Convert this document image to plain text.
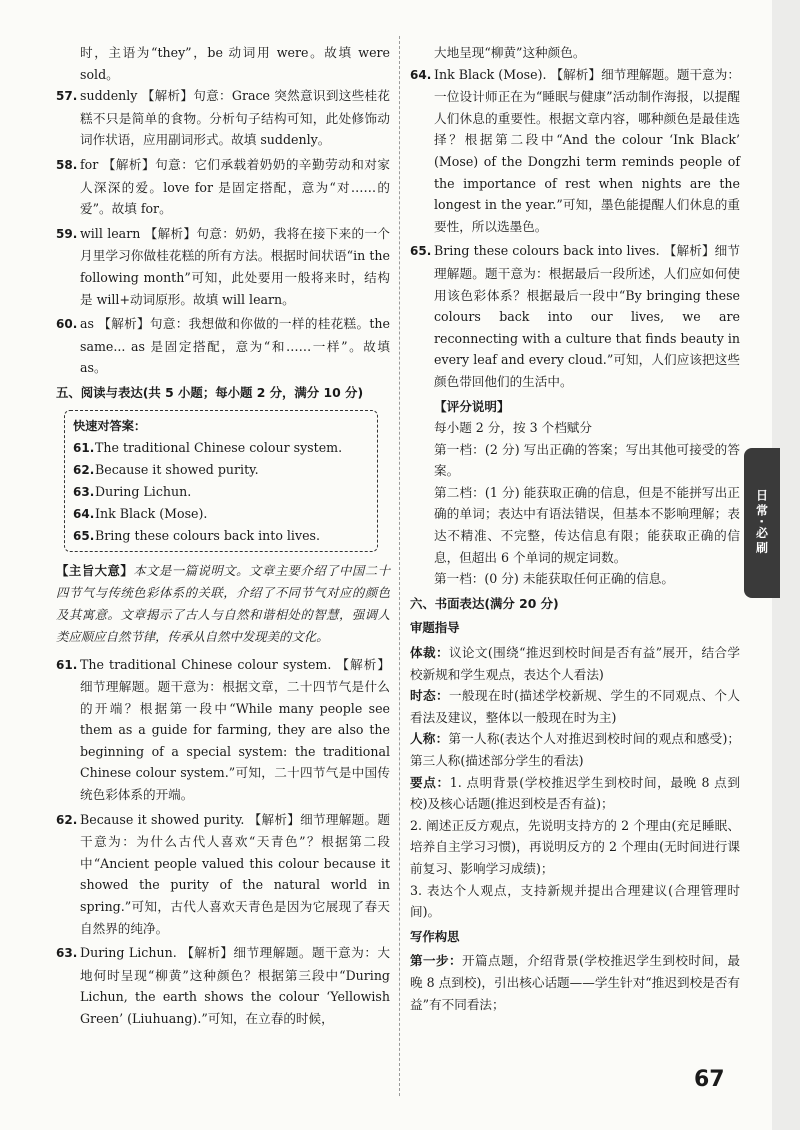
时，主语为“they”，be 动词用 were。故填 were sold。

57. suddenly 【解析】句意：Grace 突然意识到这些桂花糕不只是简单的食物。分析句子结构可知，此处修饰动词作状语，应用副词形式。故填 suddenly。
58. for 【解析】句意：它们承载着奶奶的辛勤劳动和对家人深深的爱。love for 是固定搭配，意为“对……的爱”。故填 for。
59. will learn 【解析】句意：奶奶，我将在接下来的一个月里学习你做桂花糕的所有方法。根据时间状语“in the following month”可知，此处要用一般将来时，结构是 will+动词原形。故填 will learn。
60. as 【解析】句意：我想做和你做的一样的桂花糕。the same... as 是固定搭配，意为“和……一样”。故填 as。
五、阅读与表达(共 5 小题；每小题 2 分，满分 10 分)
快速对答案：
61.The traditional Chinese colour system.
62.Because it showed purity.
63.During Lichun.
64.Ink Black (Mose).
65.Bring these colours back into lives.

【主旨大意】本文是一篇说明文。文章主要介绍了中国二十四节气与传统色彩体系的关联，介绍了不同节气对应的颜色及其寓意。文章揭示了古人与自然和谐相处的智慧，强调人类应顺应自然节律，传承从自然中发现美的文化。

61. The traditional Chinese colour system. 【解析】细节理解题。题干意为：根据文章，二十四节气是什么的开端？根据第一段中“While many people see them as a guide for farming, they are also the beginning of a special system: the traditional Chinese colour system.”可知，二十四节气是中国传统色彩体系的开端。
62. Because it showed purity. 【解析】细节理解题。题干意为：为什么古代人喜欢“天青色”？根据第二段中“Ancient people valued this colour because it showed the purity of the natural world in spring.”可知，古代人喜欢天青色是因为它展现了春天自然界的纯净。
63. During Lichun. 【解析】细节理解题。题干意为：大地何时呈现“柳黄”这种颜色？根据第三段中“During Lichun, the earth shows the colour ‘Yellowish Green’ (Liuhuang).”可知，在立春的时候，

大地呈现“柳黄”这种颜色。

64. Ink Black (Mose). 【解析】细节理解题。题干意为：一位设计师正在为“睡眠与健康”活动制作海报，以提醒人们休息的重要性。根据文章内容，哪种颜色是最佳选择？根据第二段中“And the colour ‘Ink Black’ (Mose) of the Dongzhi term reminds people of the importance of rest when nights are the longest in the year.”可知，墨色能提醒人们休息的重要性，所以选墨色。
65. Bring these colours back into lives. 【解析】细节理解题。题干意为：根据最后一段所述，人们应如何使用该色彩体系？根据最后一段中“By bringing these colours back into our lives, we are reconnecting with a culture that finds beauty in every leaf and every cloud.”可知，人们应该把这些颜色带回他们的生活中。

【评分说明】

每小题 2 分，按 3 个档赋分

第一档：(2 分) 写出正确的答案；写出其他可接受的答案。

第二档：(1 分) 能获取正确的信息，但是不能拼写出正确的单词；表达中有语法错误，但基本不影响理解；表达不精准、不完整，传达信息有限；能获取正确的信息，但超出 6 个单词的规定词数。

第一档：(0 分) 未能获取任何正确的信息。

六、书面表达(满分 20 分)
审题指导

体裁：议论文(围绕“推迟到校时间是否有益”展开，结合学校新规和学生观点，表达个人看法)

时态：一般现在时(描述学校新规、学生的不同观点、个人看法及建议，整体以一般现在时为主)

人称：第一人称(表达个人对推迟到校时间的观点和感受)；第三人称(描述部分学生的看法)

要点：1. 点明背景(学校推迟学生到校时间，最晚 8 点到校)及核心话题(推迟到校是否有益)；

2. 阐述正反方观点，先说明支持方的 2 个理由(充足睡眠、培养自主学习习惯)，再说明反方的 2 个理由(无时间进行课前复习、影响学习成绩)；

3. 表达个人观点，支持新规并提出合理建议(合理管理时间)。

写作构思

第一步：开篇点题，介绍背景(学校推迟学生到校时间，最晚 8 点到校)，引出核心话题——学生针对“推迟到校是否有益”有不同看法；

日常·必刷
67
